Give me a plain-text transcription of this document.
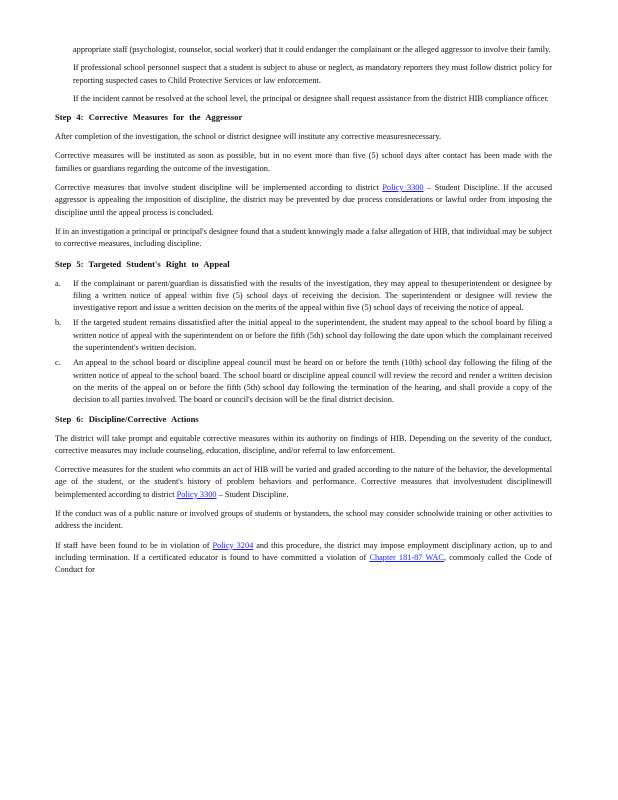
appropriate staff (psychologist, counselor, social worker) that it could endanger the complainant or the alleged aggressor to involve their family.

If professional school personnel suspect that a student is subject to abuse or neglect, as mandatory reporters they must follow district policy for reporting suspected cases to Child Protective Services or law enforcement.

If the incident cannot be resolved at the school level, the principal or designee shall request assistance from the district HIB compliance officer.

Step 4: Corrective Measures for the Aggressor

After completion of the investigation, the school or district designee will institute any corrective measuresnecessary.

Corrective measures will be instituted as soon as possible, but in no event more than five (5) school days after contact has been made with the families or guardians regarding the outcome of the investigation.

Corrective measures that involve student discipline will be implemented according to district Policy 3300 – Student Discipline. If the accused aggressor is appealing the imposition of discipline, the district may be prevented by due process considerations or lawful order from imposing the discipline until the appeal process is concluded.

If in an investigation a principal or principal's designee found that a student knowingly made a false allegation of HIB, that individual may be subject to corrective measures, including discipline.

Step 5: Targeted Student's Right to Appeal
a. If the complainant or parent/guardian is dissatisfied with the results of the investigation, they may appeal to thesuperintendent or designee by filing a written notice of appeal within five (5) school days of receiving the decision. The superintendent or designee will review the investigative report and issue a written decision on the merits of the appeal within five (5) school days of receiving the notice of appeal.
b. If the targeted student remains dissatisfied after the initial appeal to the superintendent, the student may appeal to the school board by filing a written notice of appeal with the superintendent on or before the fifth (5th) school day following the date upon which the complainant received the superintendent's written decision.
c. An appeal to the school board or discipline appeal council must be heard on or before the tenth (10th) school day following the filing of the written notice of appeal to the school board. The school board or discipline appeal council will review the record and render a written decision on the merits of the appeal on or before the fifth (5th) school day following the termination of the hearing, and shall provide a copy of the decision to all parties involved. The board or council's decision will be the final district decision.
Step 6: Discipline/Corrective Actions

The district will take prompt and equitable corrective measures within its authority on findings of HIB. Depending on the severity of the conduct, corrective measures may include counseling, education, discipline, and/or referral to law enforcement.

Corrective measures for the student who commits an act of HIB will be varied and graded according to the nature of the behavior, the developmental age of the student, or the student's history of problem behaviors and performance. Corrective measures that involvestudent disciplinewill beimplemented according to district Policy 3300 – Student Discipline.

If the conduct was of a public nature or involved groups of students or bystanders, the school may consider schoolwide training or other activities to address the incident.

If staff have been found to be in violation of Policy 3204 and this procedure, the district may impose employment disciplinary action, up to and including termination. If a certificated educator is found to have committed a violation of Chapter 181-87 WAC, commonly called the Code of Conduct for
